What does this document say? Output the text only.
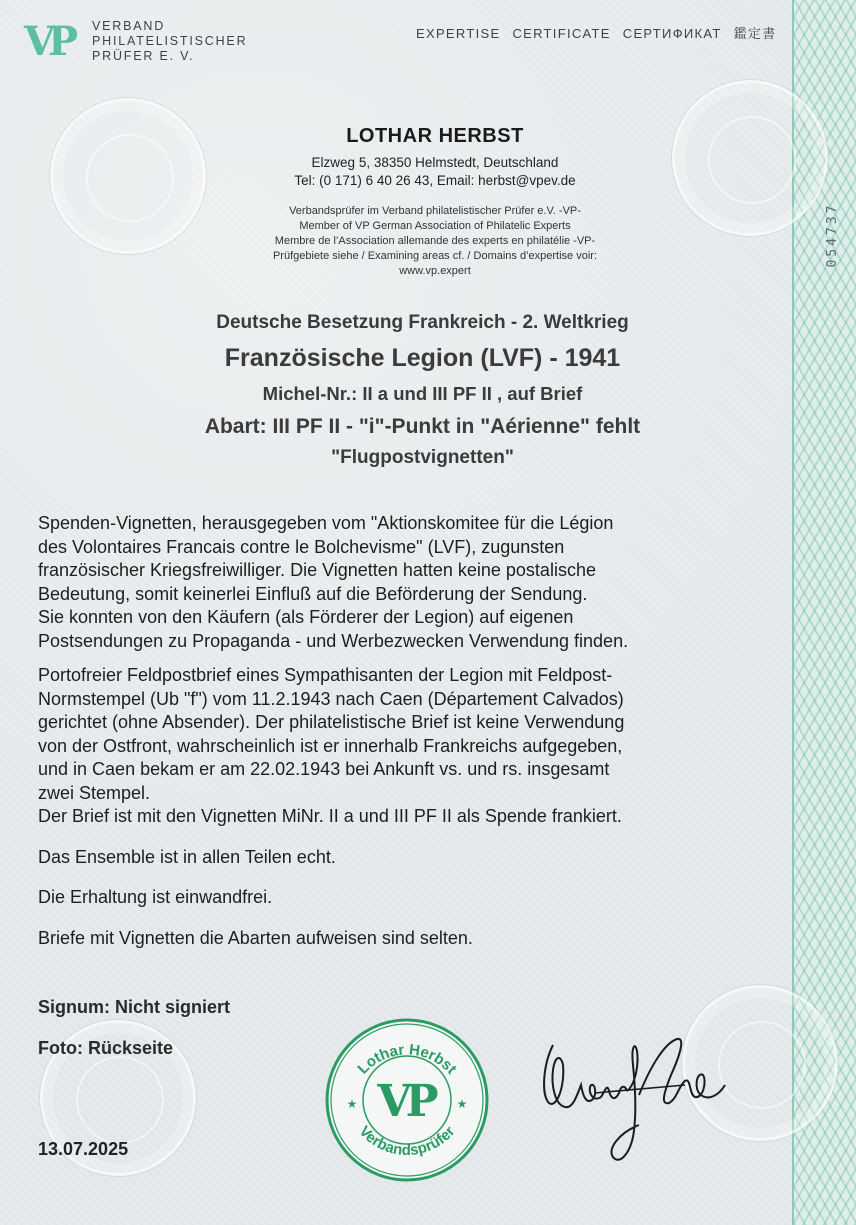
054737
VP	VERBAND
PHILATELISTISCHER
PRÜFER E. V.
EXPERTISE CERTIFICATE СЕРТИФИКАТ 鑑定書
LOTHAR HERBST
Elzweg 5, 38350 Helmstedt, Deutschland
Tel: (0 171) 6 40 26 43, Email: herbst@vpev.de
Verbandsprüfer im Verband philatelistischer Prüfer e.V. -VP-
Member of VP German Association of Philatelic Experts
Membre de l’Association allemande des experts en philatélie -VP-
Prüfgebiete siehe / Examining areas cf. / Domains d’expertise voir:
www.vp.expert
Deutsche Besetzung Frankreich - 2. Weltkrieg
Französische Legion (LVF) - 1941
Michel-Nr.: II a und III PF II , auf Brief
Abart: III PF II - "i"-Punkt in "Aérienne" fehlt
"Flugpostvignetten"

Spenden-Vignetten, herausgegeben vom "Aktionskomitee für die Légion
des Volontaires Francais contre le Bolchevisme" (LVF), zugunsten
französischer Kriegsfreiwilliger. Die Vignetten hatten keine postalische
Bedeutung, somit keinerlei Einfluß auf die Beförderung der Sendung.
Sie konnten von den Käufern (als Förderer der Legion) auf eigenen
Postsendungen zu Propaganda - und Werbezwecken Verwendung finden.

Portofreier Feldpostbrief eines Sympathisanten der Legion mit Feldpost-
Normstempel (Ub "f") vom 11.2.1943 nach Caen (Département Calvados)
gerichtet (ohne Absender). Der philatelistische Brief ist keine Verwendung
von der Ostfront, wahrscheinlich ist er innerhalb Frankreichs aufgegeben,
und in Caen bekam er am 22.02.1943 bei Ankunft vs. und rs. insgesamt
zwei Stempel.

Der Brief ist mit den Vignetten MiNr. II a und III PF II als Spende frankiert.

Das Ensemble ist in allen Teilen echt.

Die Erhaltung ist einwandfrei.

Briefe mit Vignetten die Abarten aufweisen sind selten.

Signum: Nicht signiert
Foto: Rückseite
13.07.2025
Lothar Herbst
Verbandsprüfer
VP
★	★
